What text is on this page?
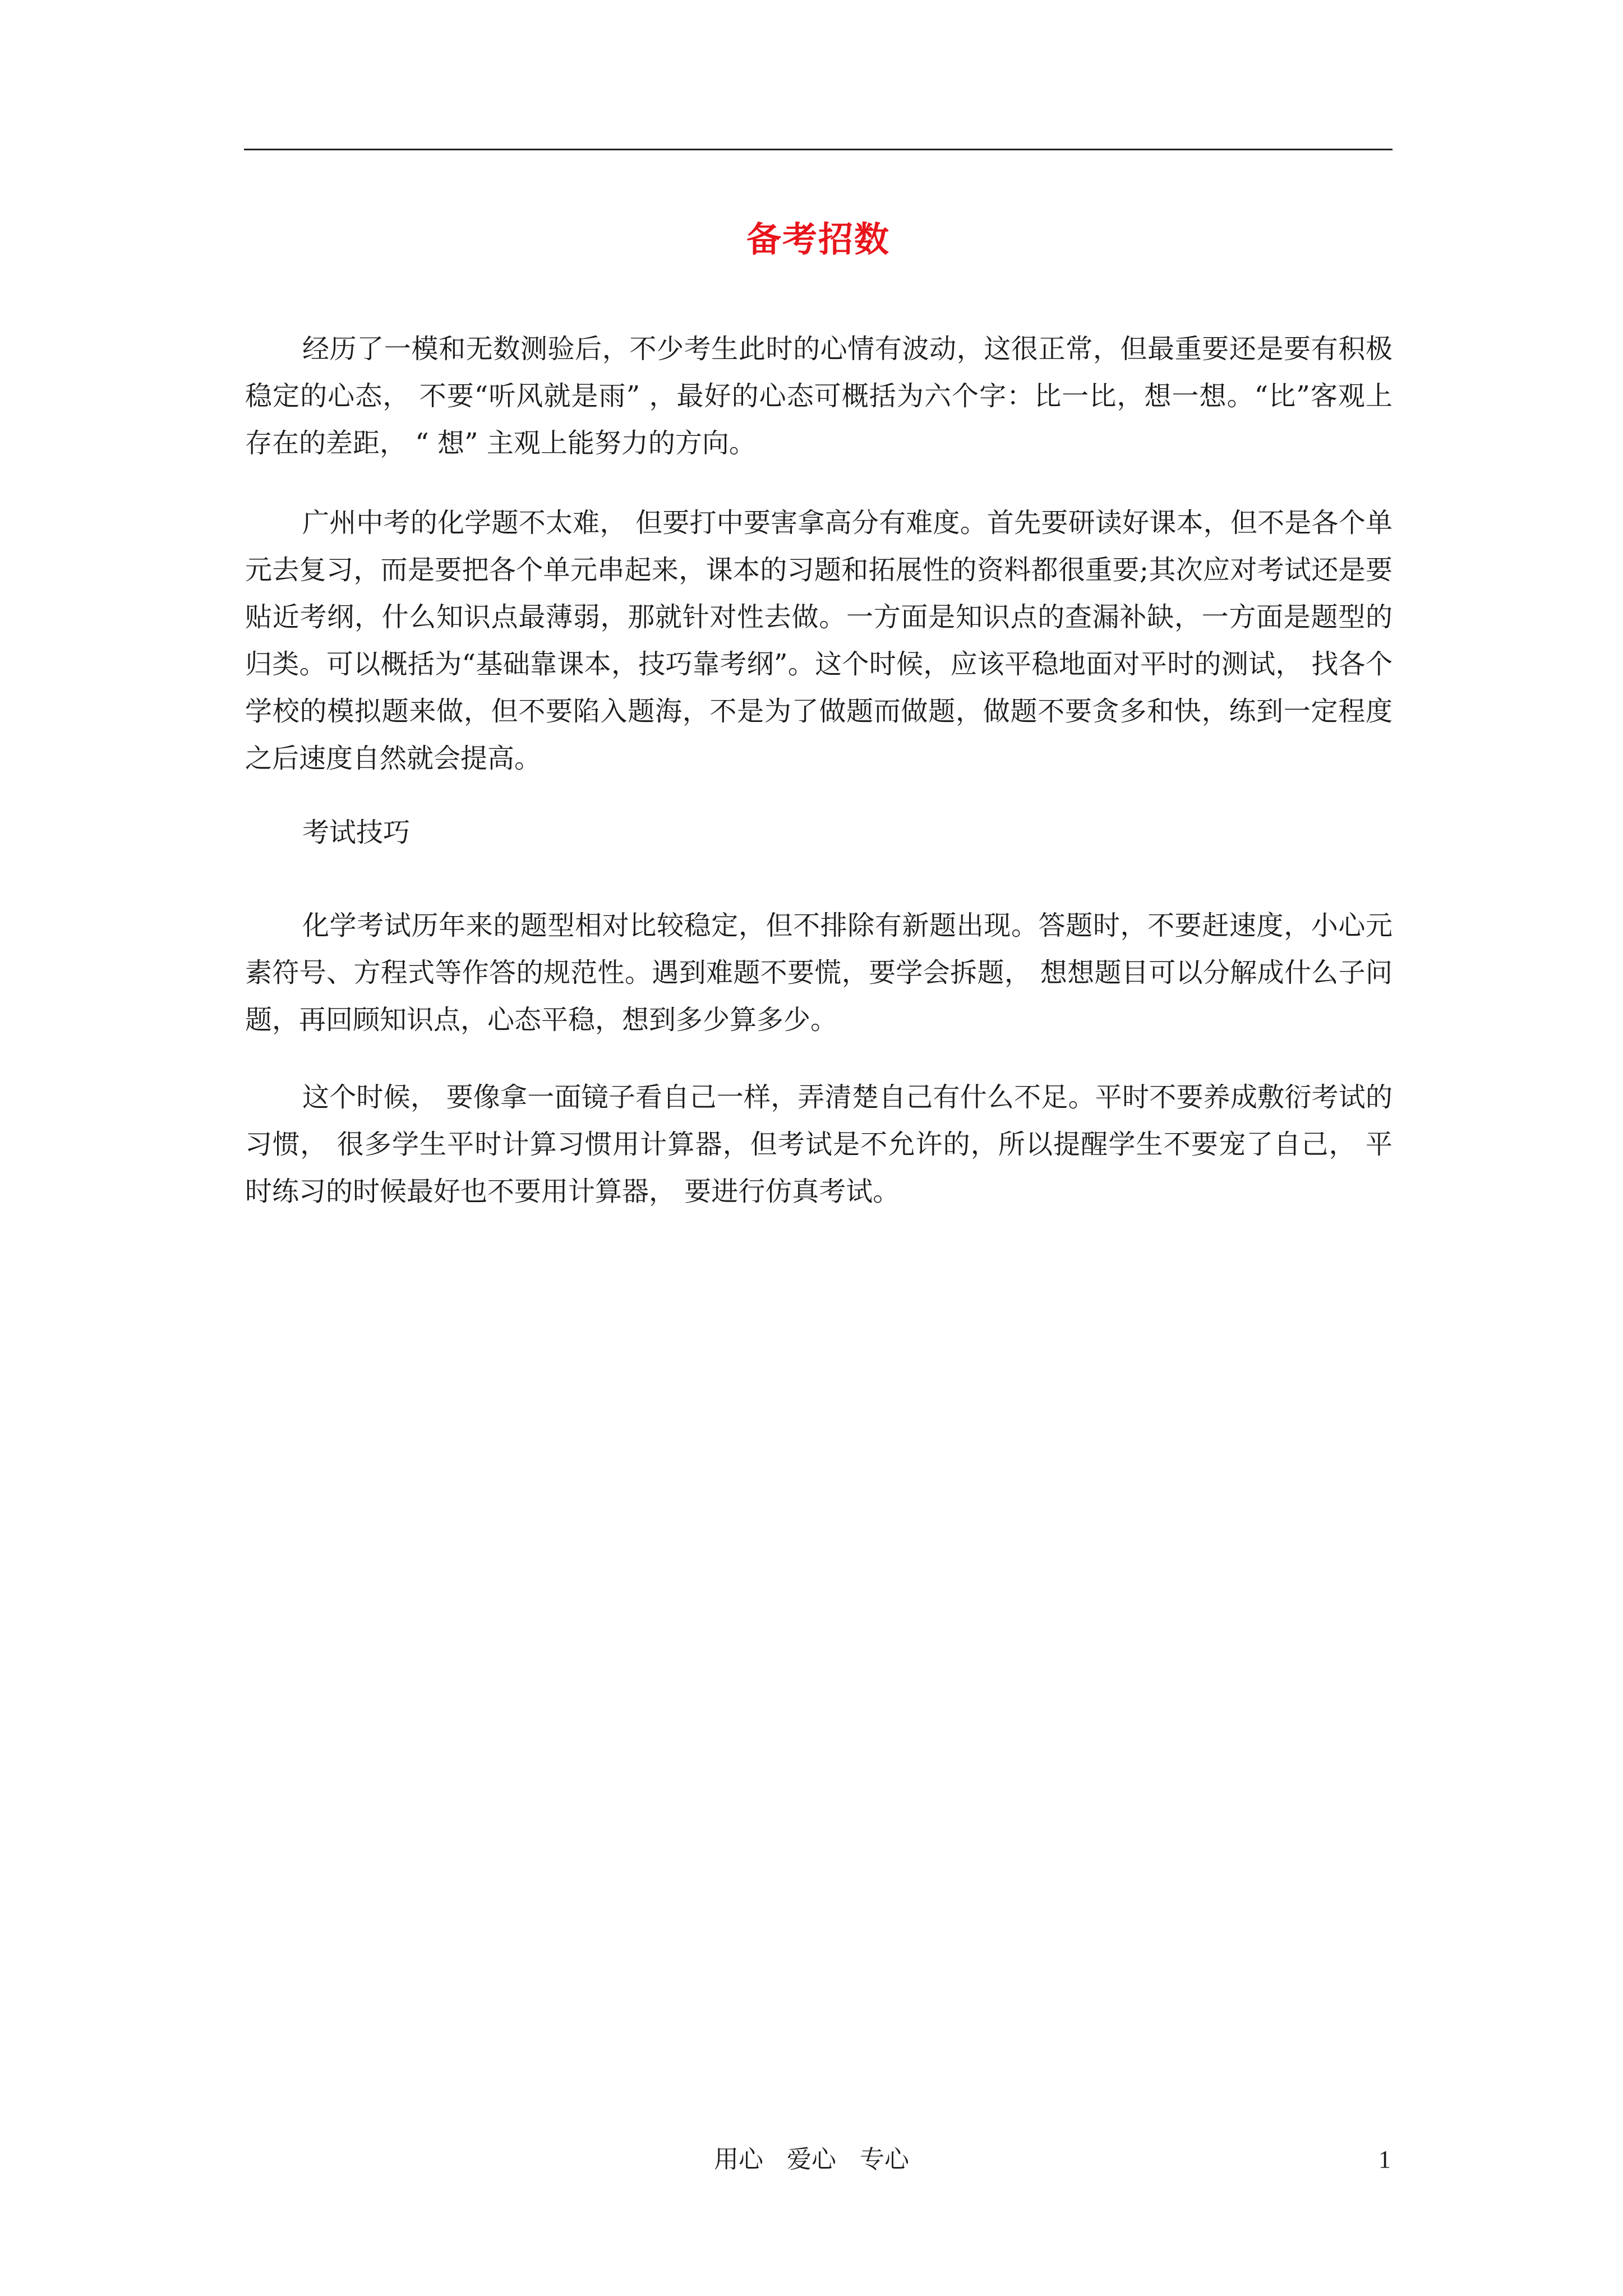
备考招数

经历了一模和无数测验后，不少考生此时的心情有波动，这很正常，但最重要还是要有积极稳定的心态， 不要“听风就是雨” ，最好的心态可概括为六个字：比一比，想一想。“比”客观上存在的差距， “ 想” 主观上能努力的方向。

广州中考的化学题不太难， 但要打中要害拿高分有难度。首先要研读好课本，但不是各个单元去复习，而是要把各个单元串起来，课本的习题和拓展性的资料都很重要;其次应对考试还是要贴近考纲，什么知识点最薄弱，那就针对性去做。一方面是知识点的查漏补缺，一方面是题型的归类。可以概括为“基础靠课本，技巧靠考纲”。这个时候，应该平稳地面对平时的测试， 找各个学校的模拟题来做，但不要陷入题海，不是为了做题而做题，做题不要贪多和快，练到一定程度之后速度自然就会提高。

考试技巧

化学考试历年来的题型相对比较稳定，但不排除有新题出现。答题时，不要赶速度，小心元素符号、方程式等作答的规范性。遇到难题不要慌，要学会拆题， 想想题目可以分解成什么子问题，再回顾知识点，心态平稳，想到多少算多少。

这个时候， 要像拿一面镜子看自己一样，弄清楚自己有什么不足。平时不要养成敷衍考试的习惯， 很多学生平时计算习惯用计算器，但考试是不允许的，所以提醒学生不要宠了自己， 平时练习的时候最好也不要用计算器， 要进行仿真考试。

用心 爱心 专心	1
